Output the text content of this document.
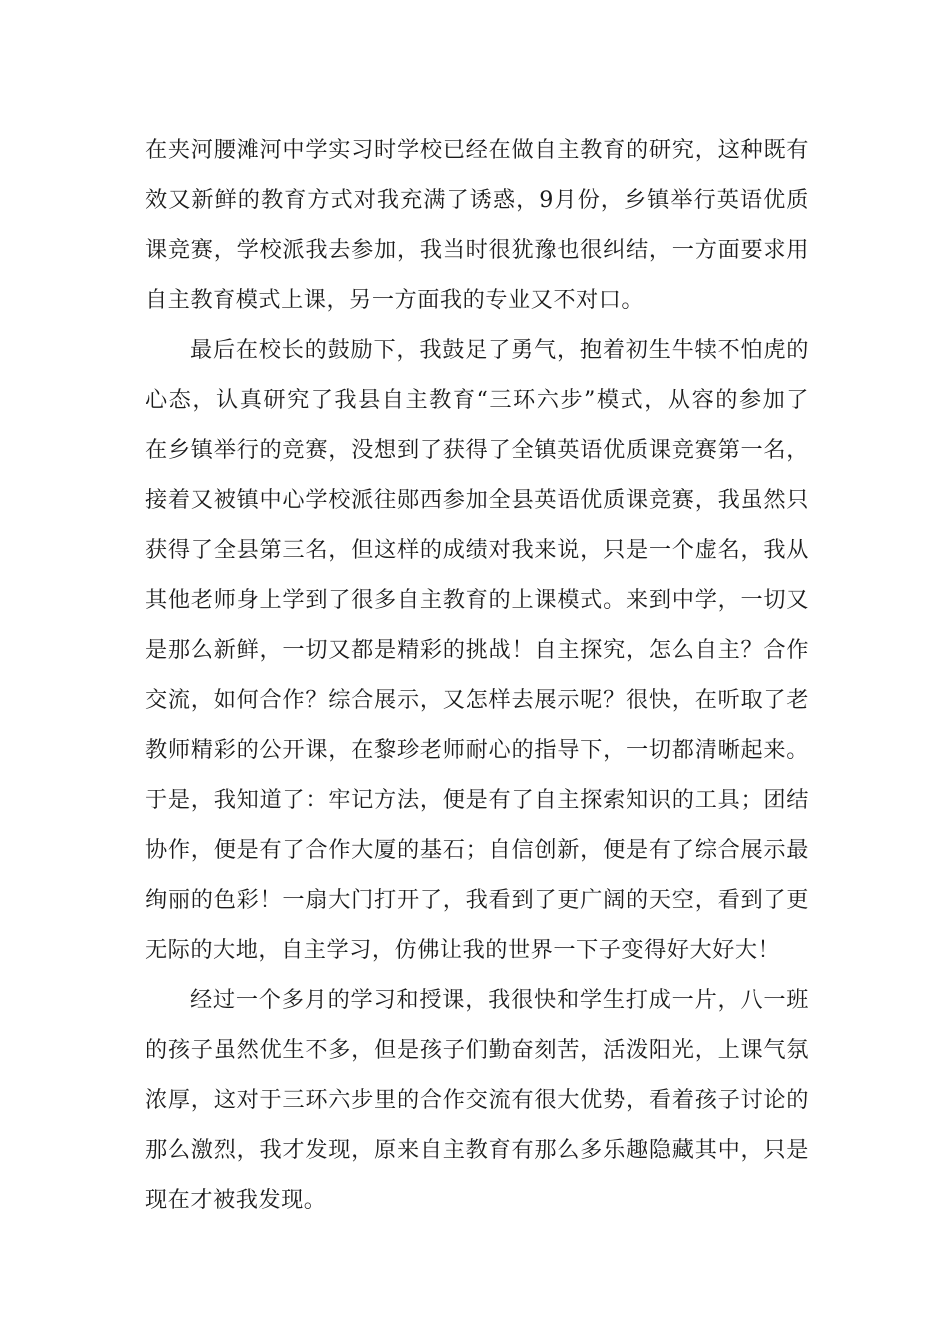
在夹河腰滩河中学实习时学校已经在做自主教育的研究，这种既有
效又新鲜的教育方式对我充满了诱惑，9月份，乡镇举行英语优质
课竞赛，学校派我去参加，我当时很犹豫也很纠结，一方面要求用
自主教育模式上课，另一方面我的专业又不对口。
最后在校长的鼓励下，我鼓足了勇气，抱着初生牛犊不怕虎的
心态，认真研究了我县自主教育“三环六步”模式，从容的参加了
在乡镇举行的竞赛，没想到了获得了全镇英语优质课竞赛第一名，
接着又被镇中心学校派往郧西参加全县英语优质课竞赛，我虽然只
获得了全县第三名，但这样的成绩对我来说，只是一个虚名，我从
其他老师身上学到了很多自主教育的上课模式。来到中学，一切又
是那么新鲜，一切又都是精彩的挑战！自主探究，怎么自主？合作
交流，如何合作？综合展示，又怎样去展示呢？很快，在听取了老
教师精彩的公开课，在黎珍老师耐心的指导下，一切都清晰起来。
于是，我知道了：牢记方法，便是有了自主探索知识的工具；团结
协作，便是有了合作大厦的基石；自信创新，便是有了综合展示最
绚丽的色彩！一扇大门打开了，我看到了更广阔的天空，看到了更
无际的大地，自主学习，仿佛让我的世界一下子变得好大好大！
经过一个多月的学习和授课，我很快和学生打成一片，八一班
的孩子虽然优生不多，但是孩子们勤奋刻苦，活泼阳光，上课气氛
浓厚，这对于三环六步里的合作交流有很大优势，看着孩子讨论的
那么激烈，我才发现，原来自主教育有那么多乐趣隐藏其中，只是
现在才被我发现。
